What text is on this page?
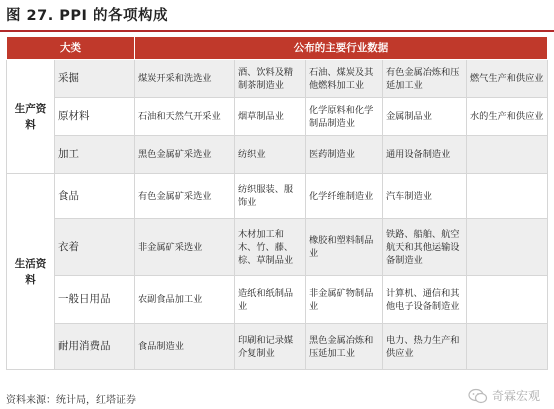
图 27. PPI 的各项构成
大类		公布的主要行业数据				
生产资料	采掘	煤炭开采和洗选业	酒、饮料及精制茶制造业	石油、煤炭及其他燃料加工业	有色金属冶炼和压延加工业	燃气生产和供应业
	原材料	石油和天然气开采业	烟草制品业	化学原料和化学制品制造业	金属制品业	水的生产和供应业
	加工	黑色金属矿采选业	纺织业	医药制造业	通用设备制造业	
生活资料	食品	有色金属矿采选业	纺织服装、服饰业	化学纤维制造业	汽车制造业	
	衣着	非金属矿采选业	木材加工和木、竹、藤、棕、草制品业	橡胶和塑料制品业	铁路、船舶、航空航天和其他运输设备制造业	
	一般日用品	农副食品加工业	造纸和纸制品业	非金属矿物制品业	计算机、通信和其他电子设备制造业	
	耐用消费品	食品制造业	印刷和记录媒介复制业	黑色金属冶炼和压延加工业	电力、热力生产和供应业	
资料来源：统计局，红塔证券	奇霖宏观
